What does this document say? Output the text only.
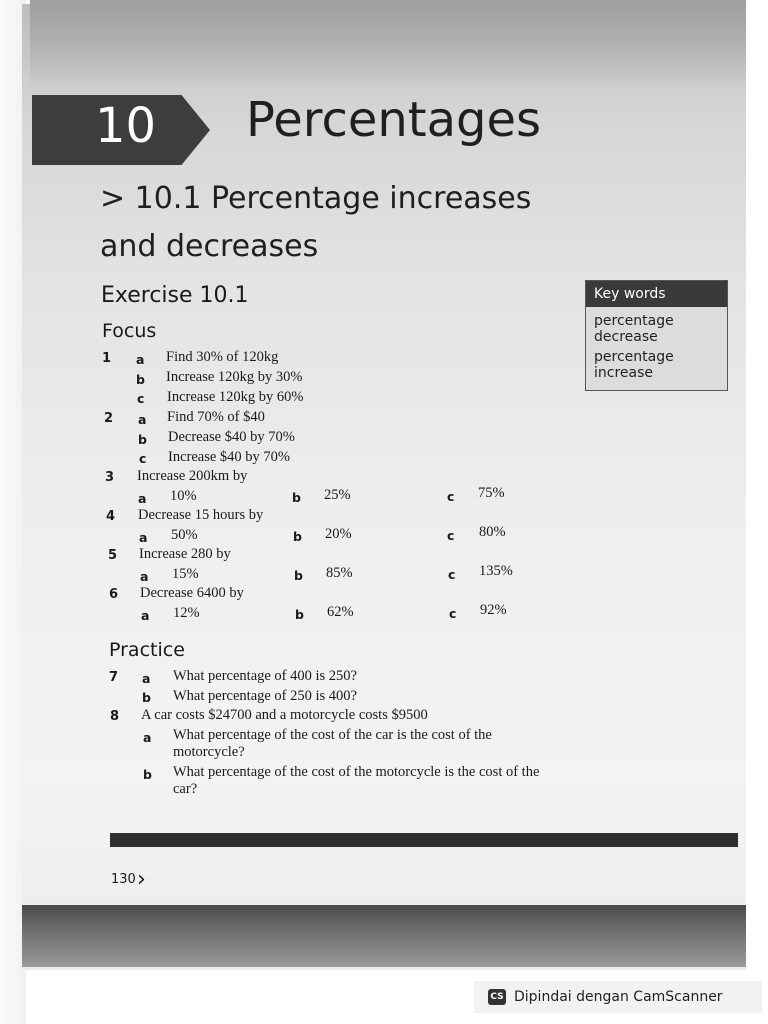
10 Percentages
> 10.1 Percentage increases and decreases
Exercise 10.1
Focus
Key words
percentage decrease
percentage increase
1 a Find 30% of 120kg
b Increase 120kg by 30%
c Increase 120kg by 60%
2 a Find 70% of $40
b Decrease $40 by 70%
c Increase $40 by 70%
3 Increase 200km by
a 10%	b 25%	c 75%
4 Decrease 15 hours by
a 50%	b 20%	c 80%
5 Increase 280 by
a 15%	b 85%	c 135%
6 Decrease 6400 by
a 12%	b 62%	c 92%
Practice
7 a What percentage of 400 is 250?
b What percentage of 250 is 400?
8 A car costs $24700 and a motorcycle costs $9500
a What percentage of the cost of the car is the cost of the motorcycle?
b What percentage of the cost of the motorcycle is the cost of the car?
130 ›
CS Dipindai dengan CamScanner
